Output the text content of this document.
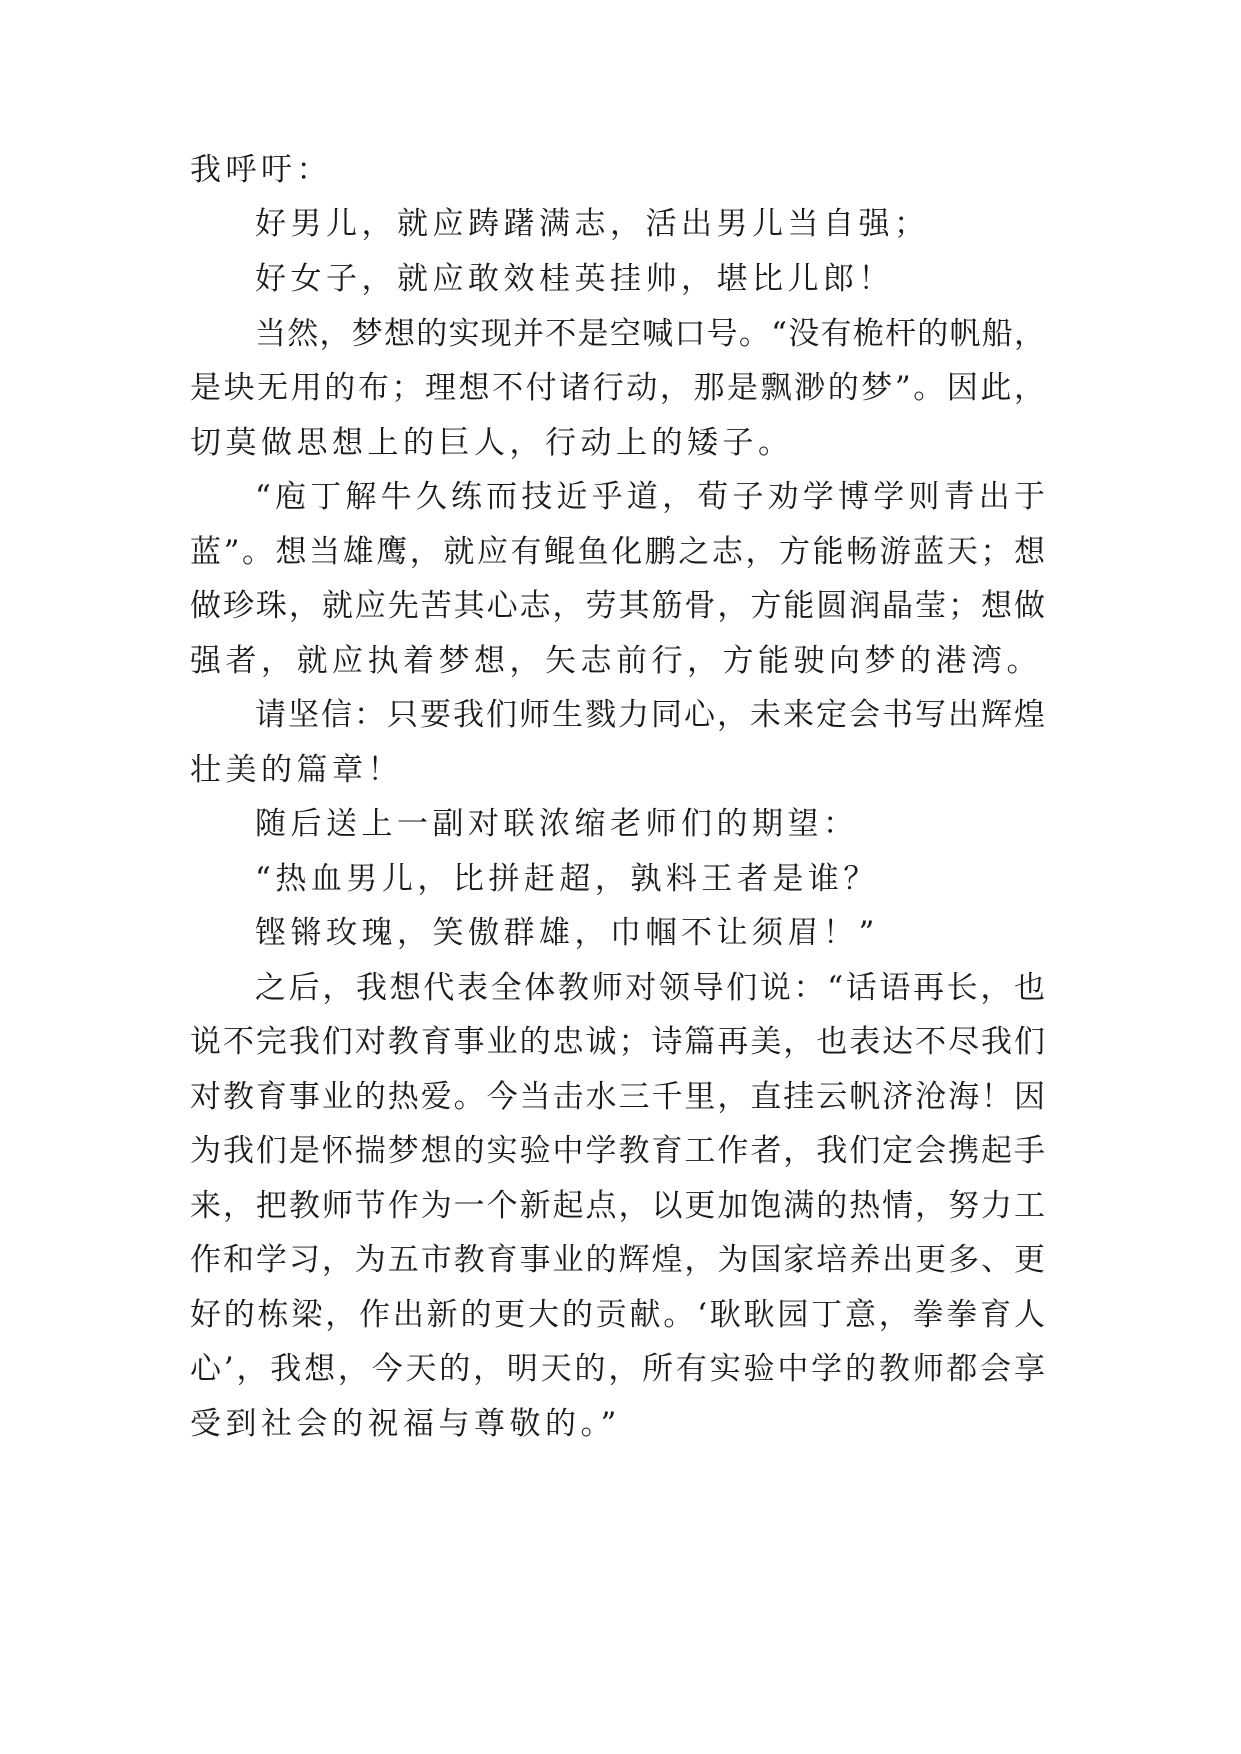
我呼吁：
好男儿，就应踌躇满志，活出男儿当自强；
好女子，就应敢效桂英挂帅，堪比儿郎！
当然，梦想的实现并不是空喊口号。“没有桅杆的帆船，
是块无用的布；理想不付诸行动，那是飘渺的梦”。因此，
切莫做思想上的巨人，行动上的矮子。
“庖丁解牛久练而技近乎道，荀子劝学博学则青出于
蓝”。想当雄鹰，就应有鲲鱼化鹏之志，方能畅游蓝天；想
做珍珠，就应先苦其心志，劳其筋骨，方能圆润晶莹；想做
强者，就应执着梦想，矢志前行，方能驶向梦的港湾。
请坚信：只要我们师生戮力同心，未来定会书写出辉煌
壮美的篇章！
随后送上一副对联浓缩老师们的期望：
“热血男儿，比拼赶超，孰料王者是谁？
铿锵玫瑰，笑傲群雄，巾帼不让须眉！”
之后，我想代表全体教师对领导们说：“话语再长，也
说不完我们对教育事业的忠诚；诗篇再美，也表达不尽我们
对教育事业的热爱。今当击水三千里，直挂云帆济沧海！因
为我们是怀揣梦想的实验中学教育工作者，我们定会携起手
来，把教师节作为一个新起点，以更加饱满的热情，努力工
作和学习，为五市教育事业的辉煌，为国家培养出更多、更
好的栋梁，作出新的更大的贡献。‘耿耿园丁意，拳拳育人
心’，我想，今天的，明天的，所有实验中学的教师都会享
受到社会的祝福与尊敬的。”
